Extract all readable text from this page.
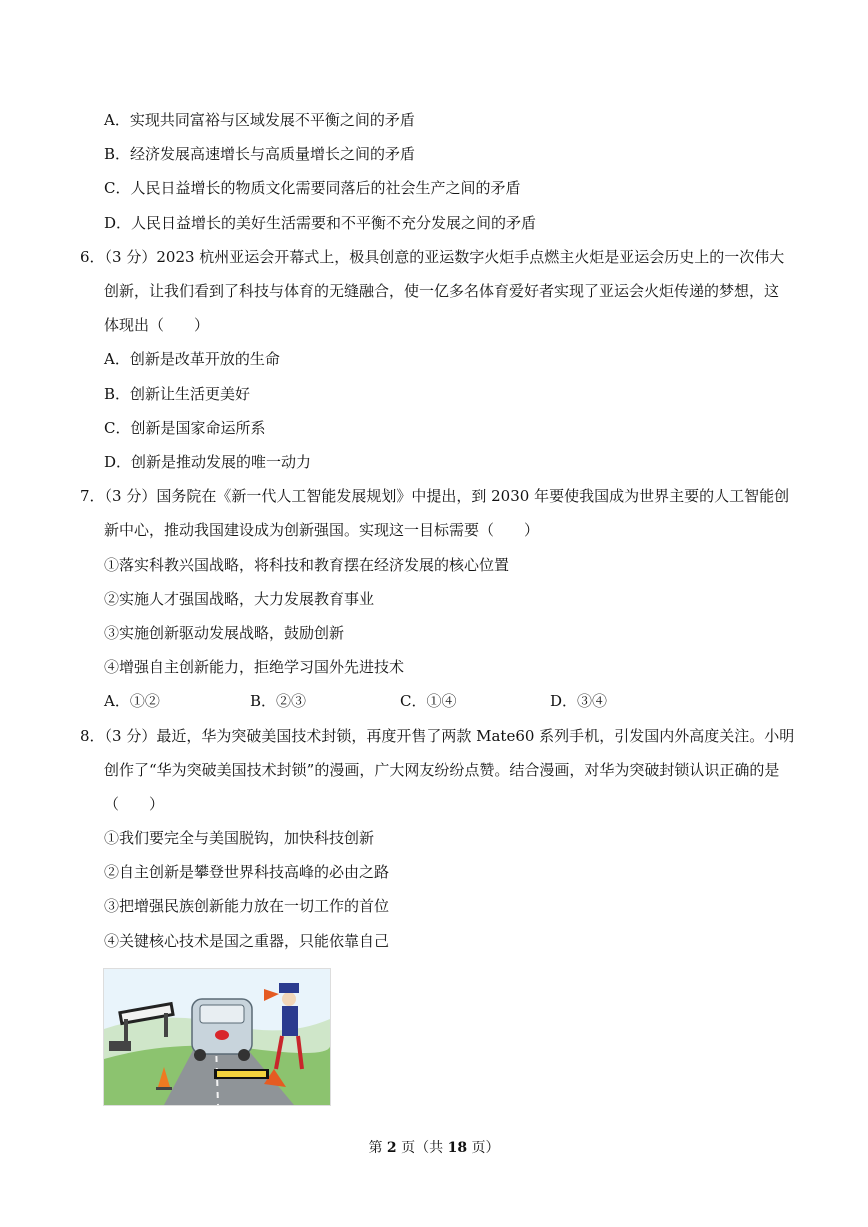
A．实现共同富裕与区域发展不平衡之间的矛盾
B．经济发展高速增长与高质量增长之间的矛盾
C．人民日益增长的物质文化需要同落后的社会生产之间的矛盾
D．人民日益增长的美好生活需要和不平衡不充分发展之间的矛盾
6．（3 分）2023 杭州亚运会开幕式上，极具创意的亚运数字火炬手点燃主火炬是亚运会历史上的一次伟大
创新，让我们看到了科技与体育的无缝融合，使一亿多名体育爱好者实现了亚运会火炬传递的梦想，这
体现出（　　）
A．创新是改革开放的生命
B．创新让生活更美好
C．创新是国家命运所系
D．创新是推动发展的唯一动力
7．（3 分）国务院在《新一代人工智能发展规划》中提出，到 2030 年要使我国成为世界主要的人工智能创
新中心，推动我国建设成为创新强国。实现这一目标需要（　　）
①落实科教兴国战略，将科技和教育摆在经济发展的核心位置
②实施人才强国战略，大力发展教育事业
③实施创新驱动发展战略，鼓励创新
④增强自主创新能力，拒绝学习国外先进技术
A．①②	B．②③	C．①④	D．③④
8．（3 分）最近，华为突破美国技术封锁，再度开售了两款 Mate60 系列手机，引发国内外高度关注。小明
创作了“华为突破美国技术封锁”的漫画，广大网友纷纷点赞。结合漫画，对华为突破封锁认识正确的是
（　　）
①我们要完全与美国脱钩，加快科技创新
②自主创新是攀登世界科技高峰的必由之路
③把增强民族创新能力放在一切工作的首位
④关键核心技术是国之重器，只能依靠自己
第 2 页（共 18 页）
